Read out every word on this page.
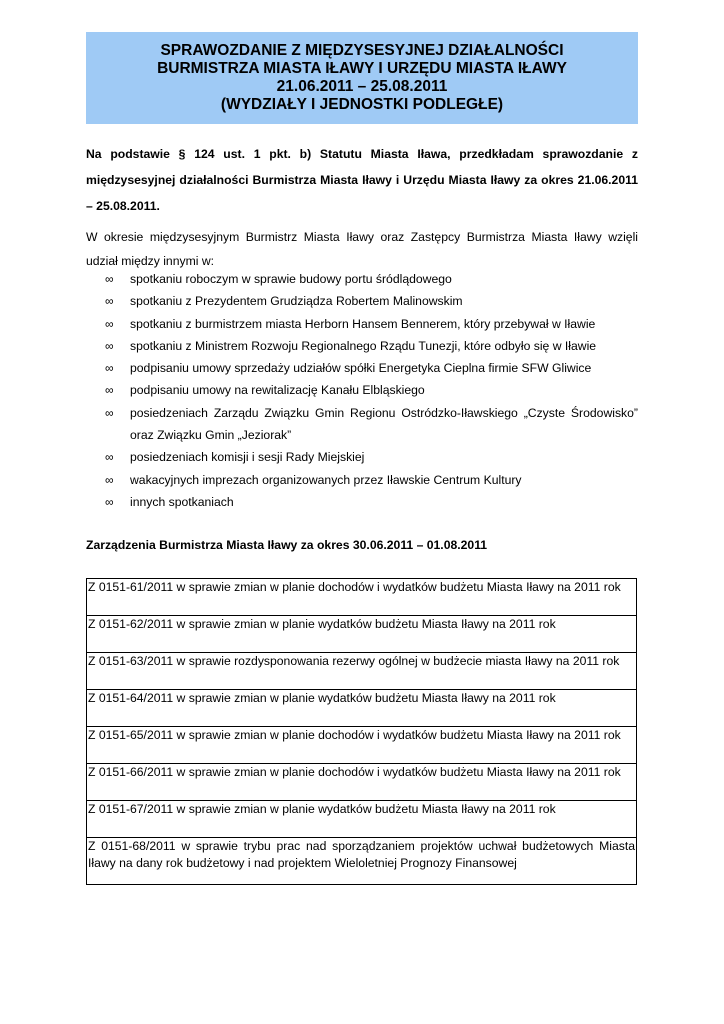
SPRAWOZDANIE Z MIĘDZYSESYJNEJ DZIAŁALNOŚCI
BURMISTRZA MIASTA IŁAWY I URZĘDU MIASTA IŁAWY
21.06.2011 – 25.08.2011
(WYDZIAŁY I JEDNOSTKI PODLEGŁE)
Na podstawie § 124 ust. 1 pkt. b) Statutu Miasta Iława, przedkładam sprawozdanie z międzysesyjnej działalności Burmistrza Miasta Iławy i Urzędu Miasta Iławy za okres 21.06.2011 – 25.08.2011.
W okresie międzysesyjnym Burmistrz Miasta Iławy oraz Zastępcy Burmistrza Miasta Iławy wzięli udział między innymi w:
∞ spotkaniu roboczym w sprawie budowy portu śródlądowego
∞ spotkaniu z Prezydentem Grudziądza Robertem Malinowskim
∞ spotkaniu z burmistrzem miasta Herborn Hansem Bennerem, który przebywał w Iławie
∞ spotkaniu z Ministrem Rozwoju Regionalnego Rządu Tunezji, które odbyło się w Iławie
∞ podpisaniu umowy sprzedaży udziałów spółki Energetyka Cieplna firmie SFW Gliwice
∞ podpisaniu umowy na rewitalizację Kanału Elbląskiego
∞ posiedzeniach Zarządu Związku Gmin Regionu Ostródzko-Iławskiego „Czyste Środowisko” oraz Związku Gmin „Jeziorak”
∞ posiedzeniach komisji i sesji Rady Miejskiej
∞ wakacyjnych imprezach organizowanych przez Iławskie Centrum Kultury
∞ innych spotkaniach
Zarządzenia Burmistrza Miasta Iławy za okres 30.06.2011 – 01.08.2011
Z 0151-61/2011 w sprawie zmian w planie dochodów i wydatków budżetu Miasta Iławy na 2011 rok
Z 0151-62/2011 w sprawie zmian w planie wydatków budżetu Miasta Iławy na 2011 rok
Z 0151-63/2011 w sprawie rozdysponowania rezerwy ogólnej w budżecie miasta Iławy na 2011 rok
Z 0151-64/2011 w sprawie zmian w planie wydatków budżetu Miasta Iławy na 2011 rok
Z 0151-65/2011 w sprawie zmian w planie dochodów i wydatków budżetu Miasta Iławy na 2011 rok
Z 0151-66/2011 w sprawie zmian w planie dochodów i wydatków budżetu Miasta Iławy na 2011 rok
Z 0151-67/2011 w sprawie zmian w planie wydatków budżetu Miasta Iławy na 2011 rok
Z 0151-68/2011 w sprawie trybu prac nad sporządzaniem projektów uchwał budżetowych Miasta Iławy na dany rok budżetowy i nad projektem Wieloletniej Prognozy Finansowej
